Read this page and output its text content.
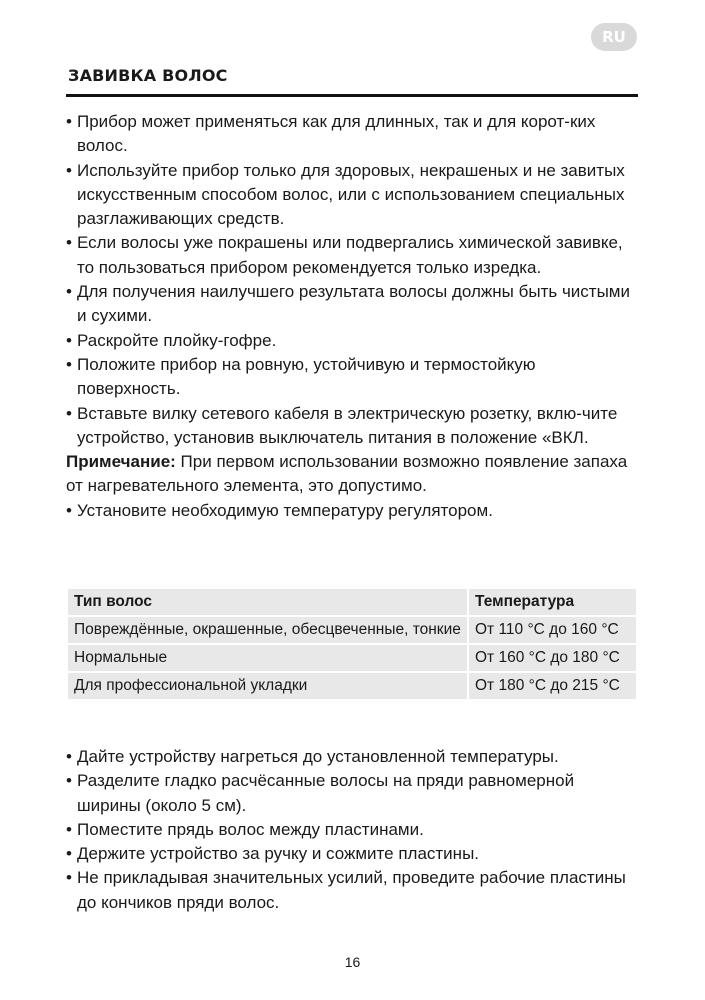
RU
ЗАВИВКА ВОЛОС
• Прибор может применяться как для длинных, так и для корот-ких волос.
• Используйте прибор только для здоровых, некрашеных и не завитых искусственным способом волос, или с использованием специальных разглаживающих средств.
• Если волосы уже покрашены или подвергались химической завивке, то пользоваться прибором рекомендуется только изредка.
• Для получения наилучшего результата волосы должны быть чистыми и сухими.
• Раскройте плойку-гофре.
• Положите прибор на ровную, устойчивую и термостойкую поверхность.
• Вставьте вилку сетевого кабеля в электрическую розетку, вклю-чите устройство, установив выключатель питания в положение «ВКЛ.

Примечание: При первом использовании возможно появление запаха от нагревательного элемента, это допустимо.

• Установите необходимую температуру регулятором.
Тип волос	Температура
Повреждённые, окрашенные, обесцвеченные, тонкие	От 110 °C до 160 °C
Нормальные	От 160 °C до 180 °C
Для профессиональной укладки	От 180 °C до 215 °C
• Дайте устройству нагреться до установленной температуры.
• Разделите гладко расчёсанные волосы на пряди равномерной ширины (около 5 см).
• Поместите прядь волос между пластинами.
• Держите устройство за ручку и сожмите пластины.
• Не прикладывая значительных усилий, проведите рабочие пластины до кончиков пряди волос.
16
